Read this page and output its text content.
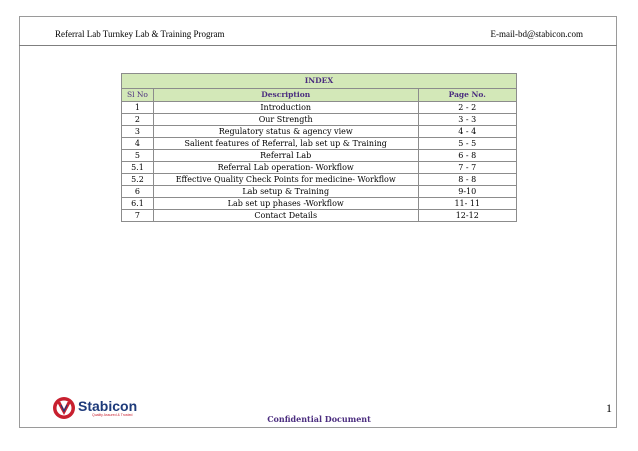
Referral Lab Turnkey Lab & Training Program	E-mail-bd@stabicon.com
INDEX		
Sl No	Description	Page No.
1	Introduction	2 - 2
2	Our Strength	3 - 3
3	Regulatory status & agency view	4 - 4
4	Salient features of Referral, lab set up & Training	5 - 5
5	Referral Lab	6 - 8
5.1	Referral Lab operation- Workflow	7 - 7
5.2	Effective Quality Check Points for medicine- Workflow	8 - 8
6	Lab setup & Training	9-10
6.1	Lab set up phases -Workflow	11- 11
7	Contact Details	12-12
Stabicon
Quality Assured & Trusted	Confidential Document
1
